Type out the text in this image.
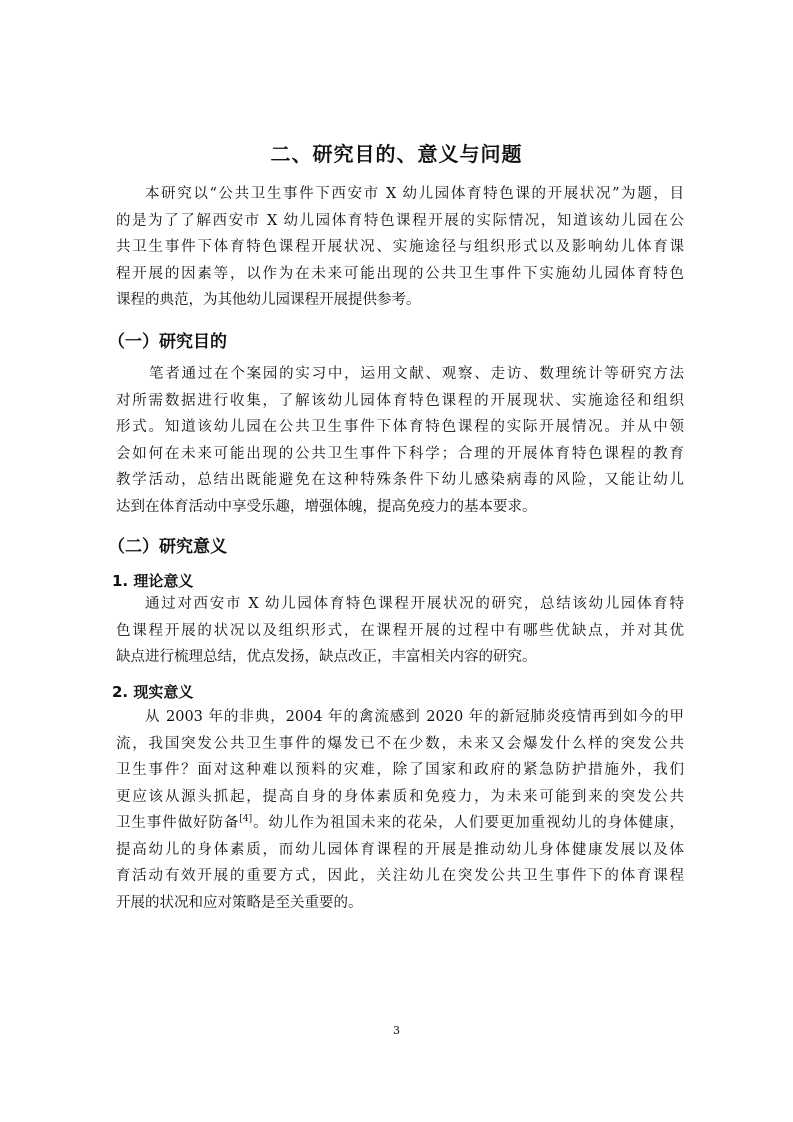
二、研究目的、意义与问题
本研究以“公共卫生事件下西安市 X 幼儿园体育特色课的开展状况”为题，目
的是为了了解西安市 X 幼儿园体育特色课程开展的实际情况，知道该幼儿园在公
共卫生事件下体育特色课程开展状况、实施途径与组织形式以及影响幼儿体育课
程开展的因素等，以作为在未来可能出现的公共卫生事件下实施幼儿园体育特色
课程的典范，为其他幼儿园课程开展提供参考。
（一）研究目的
笔者通过在个案园的实习中，运用文献、观察、走访、数理统计等研究方法
对所需数据进行收集，了解该幼儿园体育特色课程的开展现状、实施途径和组织
形式。知道该幼儿园在公共卫生事件下体育特色课程的实际开展情况。并从中领
会如何在未来可能出现的公共卫生事件下科学；合理的开展体育特色课程的教育
教学活动，总结出既能避免在这种特殊条件下幼儿感染病毒的风险，又能让幼儿
达到在体育活动中享受乐趣，增强体魄，提高免疫力的基本要求。
（二）研究意义
1. 理论意义
通过对西安市 X 幼儿园体育特色课程开展状况的研究，总结该幼儿园体育特
色课程开展的状况以及组织形式，在课程开展的过程中有哪些优缺点，并对其优
缺点进行梳理总结，优点发扬，缺点改正，丰富相关内容的研究。
2. 现实意义
从 2003 年的非典，2004 年的禽流感到 2020 年的新冠肺炎疫情再到如今的甲
流，我国突发公共卫生事件的爆发已不在少数，未来又会爆发什么样的突发公共
卫生事件？面对这种难以预料的灾难，除了国家和政府的紧急防护措施外，我们
更应该从源头抓起，提高自身的身体素质和免疫力，为未来可能到来的突发公共
卫生事件做好防备[4]。幼儿作为祖国未来的花朵，人们要更加重视幼儿的身体健康，
提高幼儿的身体素质，而幼儿园体育课程的开展是推动幼儿身体健康发展以及体
育活动有效开展的重要方式，因此，关注幼儿在突发公共卫生事件下的体育课程
开展的状况和应对策略是至关重要的。
3
